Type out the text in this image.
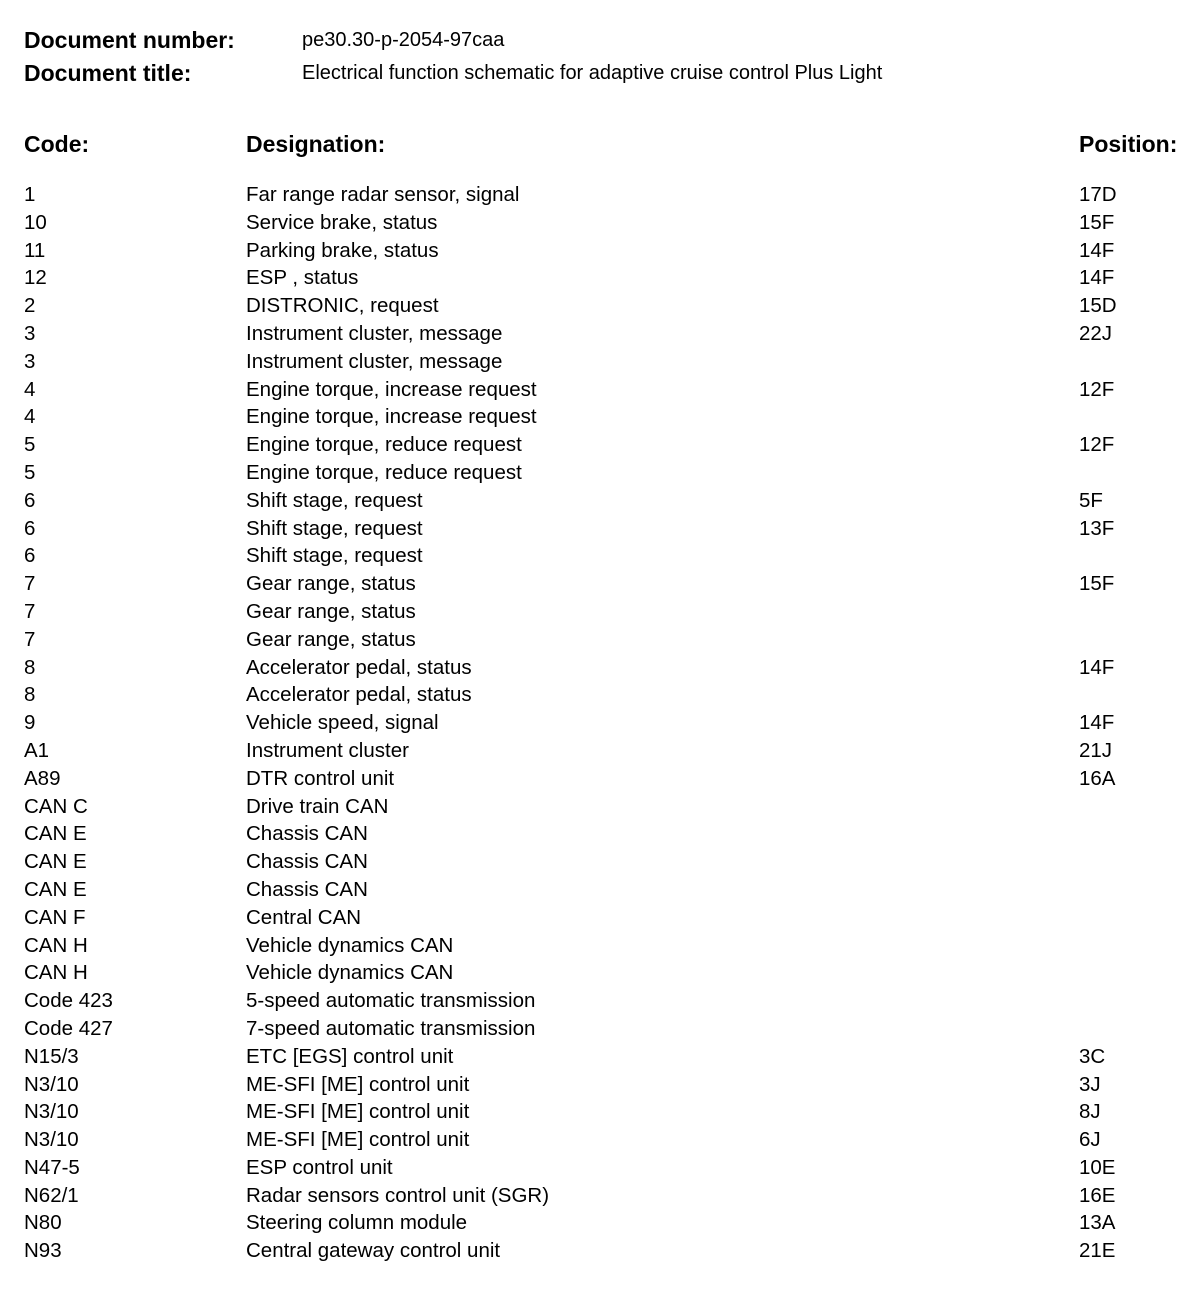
Document number:	pe30.30-p-2054-97caa
Document title:	Electrical function schematic for adaptive cruise control Plus Light
Code:	Designation:	Position:
1	Far range radar sensor, signal	17D
10	Service brake, status	15F
11	Parking brake, status	14F
12	ESP , status	14F
2	DISTRONIC, request	15D
3	Instrument cluster, message	22J
3	Instrument cluster, message
4	Engine torque, increase request	12F
4	Engine torque, increase request
5	Engine torque, reduce request	12F
5	Engine torque, reduce request
6	Shift stage, request	5F
6	Shift stage, request	13F
6	Shift stage, request
7	Gear range, status	15F
7	Gear range, status
7	Gear range, status
8	Accelerator pedal, status	14F
8	Accelerator pedal, status
9	Vehicle speed, signal	14F
A1	Instrument cluster	21J
A89	DTR control unit	16A
CAN C	Drive train CAN
CAN E	Chassis CAN
CAN E	Chassis CAN
CAN E	Chassis CAN
CAN F	Central CAN
CAN H	Vehicle dynamics CAN
CAN H	Vehicle dynamics CAN
Code 423	5-speed automatic transmission
Code 427	7-speed automatic transmission
N15/3	ETC [EGS] control unit	3C
N3/10	ME-SFI [ME] control unit	3J
N3/10	ME-SFI [ME] control unit	8J
N3/10	ME-SFI [ME] control unit	6J
N47-5	ESP control unit	10E
N62/1	Radar sensors control unit (SGR)	16E
N80	Steering column module	13A
N93	Central gateway control unit	21E
